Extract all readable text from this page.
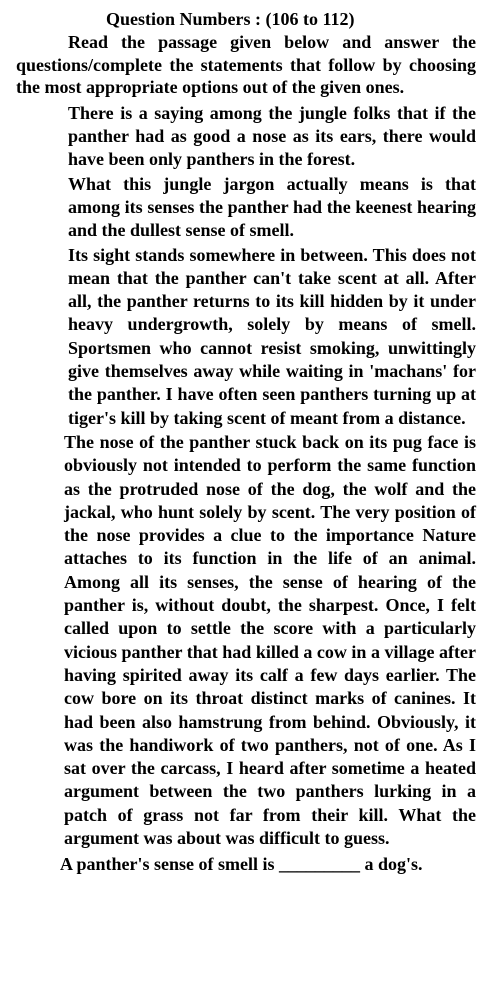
Question Numbers : (106 to 112)
Read the passage given below and answer the questions/complete the statements that follow by choosing the most appropriate options out of the given ones.
There is a saying among the jungle folks that if the panther had as good a nose as its ears, there would have been only panthers in the forest.
What this jungle jargon actually means is that among its senses the panther had the keenest hearing and the dullest sense of smell.
Its sight stands somewhere in between. This does not mean that the panther can't take scent at all. After all, the panther returns to its kill hidden by it under heavy undergrowth, solely by means of smell. Sportsmen who cannot resist smoking, unwittingly give themselves away while waiting in 'machans' for the panther. I have often seen panthers turning up at tiger's kill by taking scent of meant from a distance.
The nose of the panther stuck back on its pug face is obviously not intended to perform the same function as the protruded nose of the dog, the wolf and the jackal, who hunt solely by scent. The very position of the nose provides a clue to the importance Nature attaches to its function in the life of an animal. Among all its senses, the sense of hearing of the panther is, without doubt, the sharpest. Once, I felt called upon to settle the score with a particularly vicious panther that had killed a cow in a village after having spirited away its calf a few days earlier. The cow bore on its throat distinct marks of canines. It had been also hamstrung from behind. Obviously, it was the handiwork of two panthers, not of one. As I sat over the carcass, I heard after sometime a heated argument between the two panthers lurking in a patch of grass not far from their kill. What the argument was about was difficult to guess.
A panther's sense of smell is _________ a dog's.
